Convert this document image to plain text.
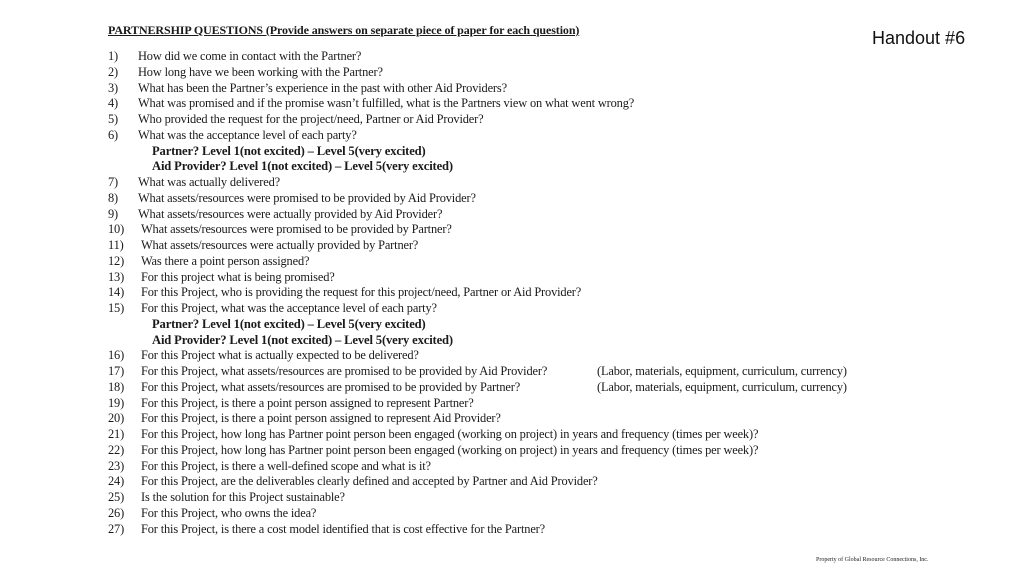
PARTNERSHIP QUESTIONS (Provide answers on separate piece of paper for each question)	Handout #6
1) How did we come in contact with the Partner?
2) How long have we been working with the Partner?
3) What has been the Partner’s experience in the past with other Aid Providers?
4) What was promised and if the promise wasn’t fulfilled, what is the Partners view on what went wrong?
5) Who provided the request for the project/need, Partner or Aid Provider?
6) What was the acceptance level of each party?
Partner? Level 1(not excited) – Level 5(very excited)
Aid Provider? Level 1(not excited) – Level 5(very excited)
7) What was actually delivered?
8) What assets/resources were promised to be provided by Aid Provider?
9) What assets/resources were actually provided by Aid Provider?
10) What assets/resources were promised to be provided by Partner?
11) What assets/resources were actually provided by Partner?
12) Was there a point person assigned?
13) For this project what is being promised?
14) For this Project, who is providing the request for this project/need, Partner or Aid Provider?
15) For this Project, what was the acceptance level of each party?
Partner? Level 1(not excited) – Level 5(very excited)
Aid Provider? Level 1(not excited) – Level 5(very excited)
16) For this Project what is actually expected to be delivered?
17) For this Project, what assets/resources are promised to be provided by Aid Provider?	(Labor, materials, equipment, curriculum, currency)
18) For this Project, what assets/resources are promised to be provided by Partner?	(Labor, materials, equipment, curriculum, currency)
19) For this Project, is there a point person assigned to represent Partner?
20) For this Project, is there a point person assigned to represent Aid Provider?
21) For this Project, how long has Partner point person been engaged (working on project) in years and frequency (times per week)?
22) For this Project, how long has Partner point person been engaged (working on project) in years and frequency (times per week)?
23) For this Project, is there a well-defined scope and what is it?
24) For this Project, are the deliverables clearly defined and accepted by Partner and Aid Provider?
25) Is the solution for this Project sustainable?
26) For this Project, who owns the idea?
27) For this Project, is there a cost model identified that is cost effective for the Partner?
Property of Global Resource Connections, Inc.
